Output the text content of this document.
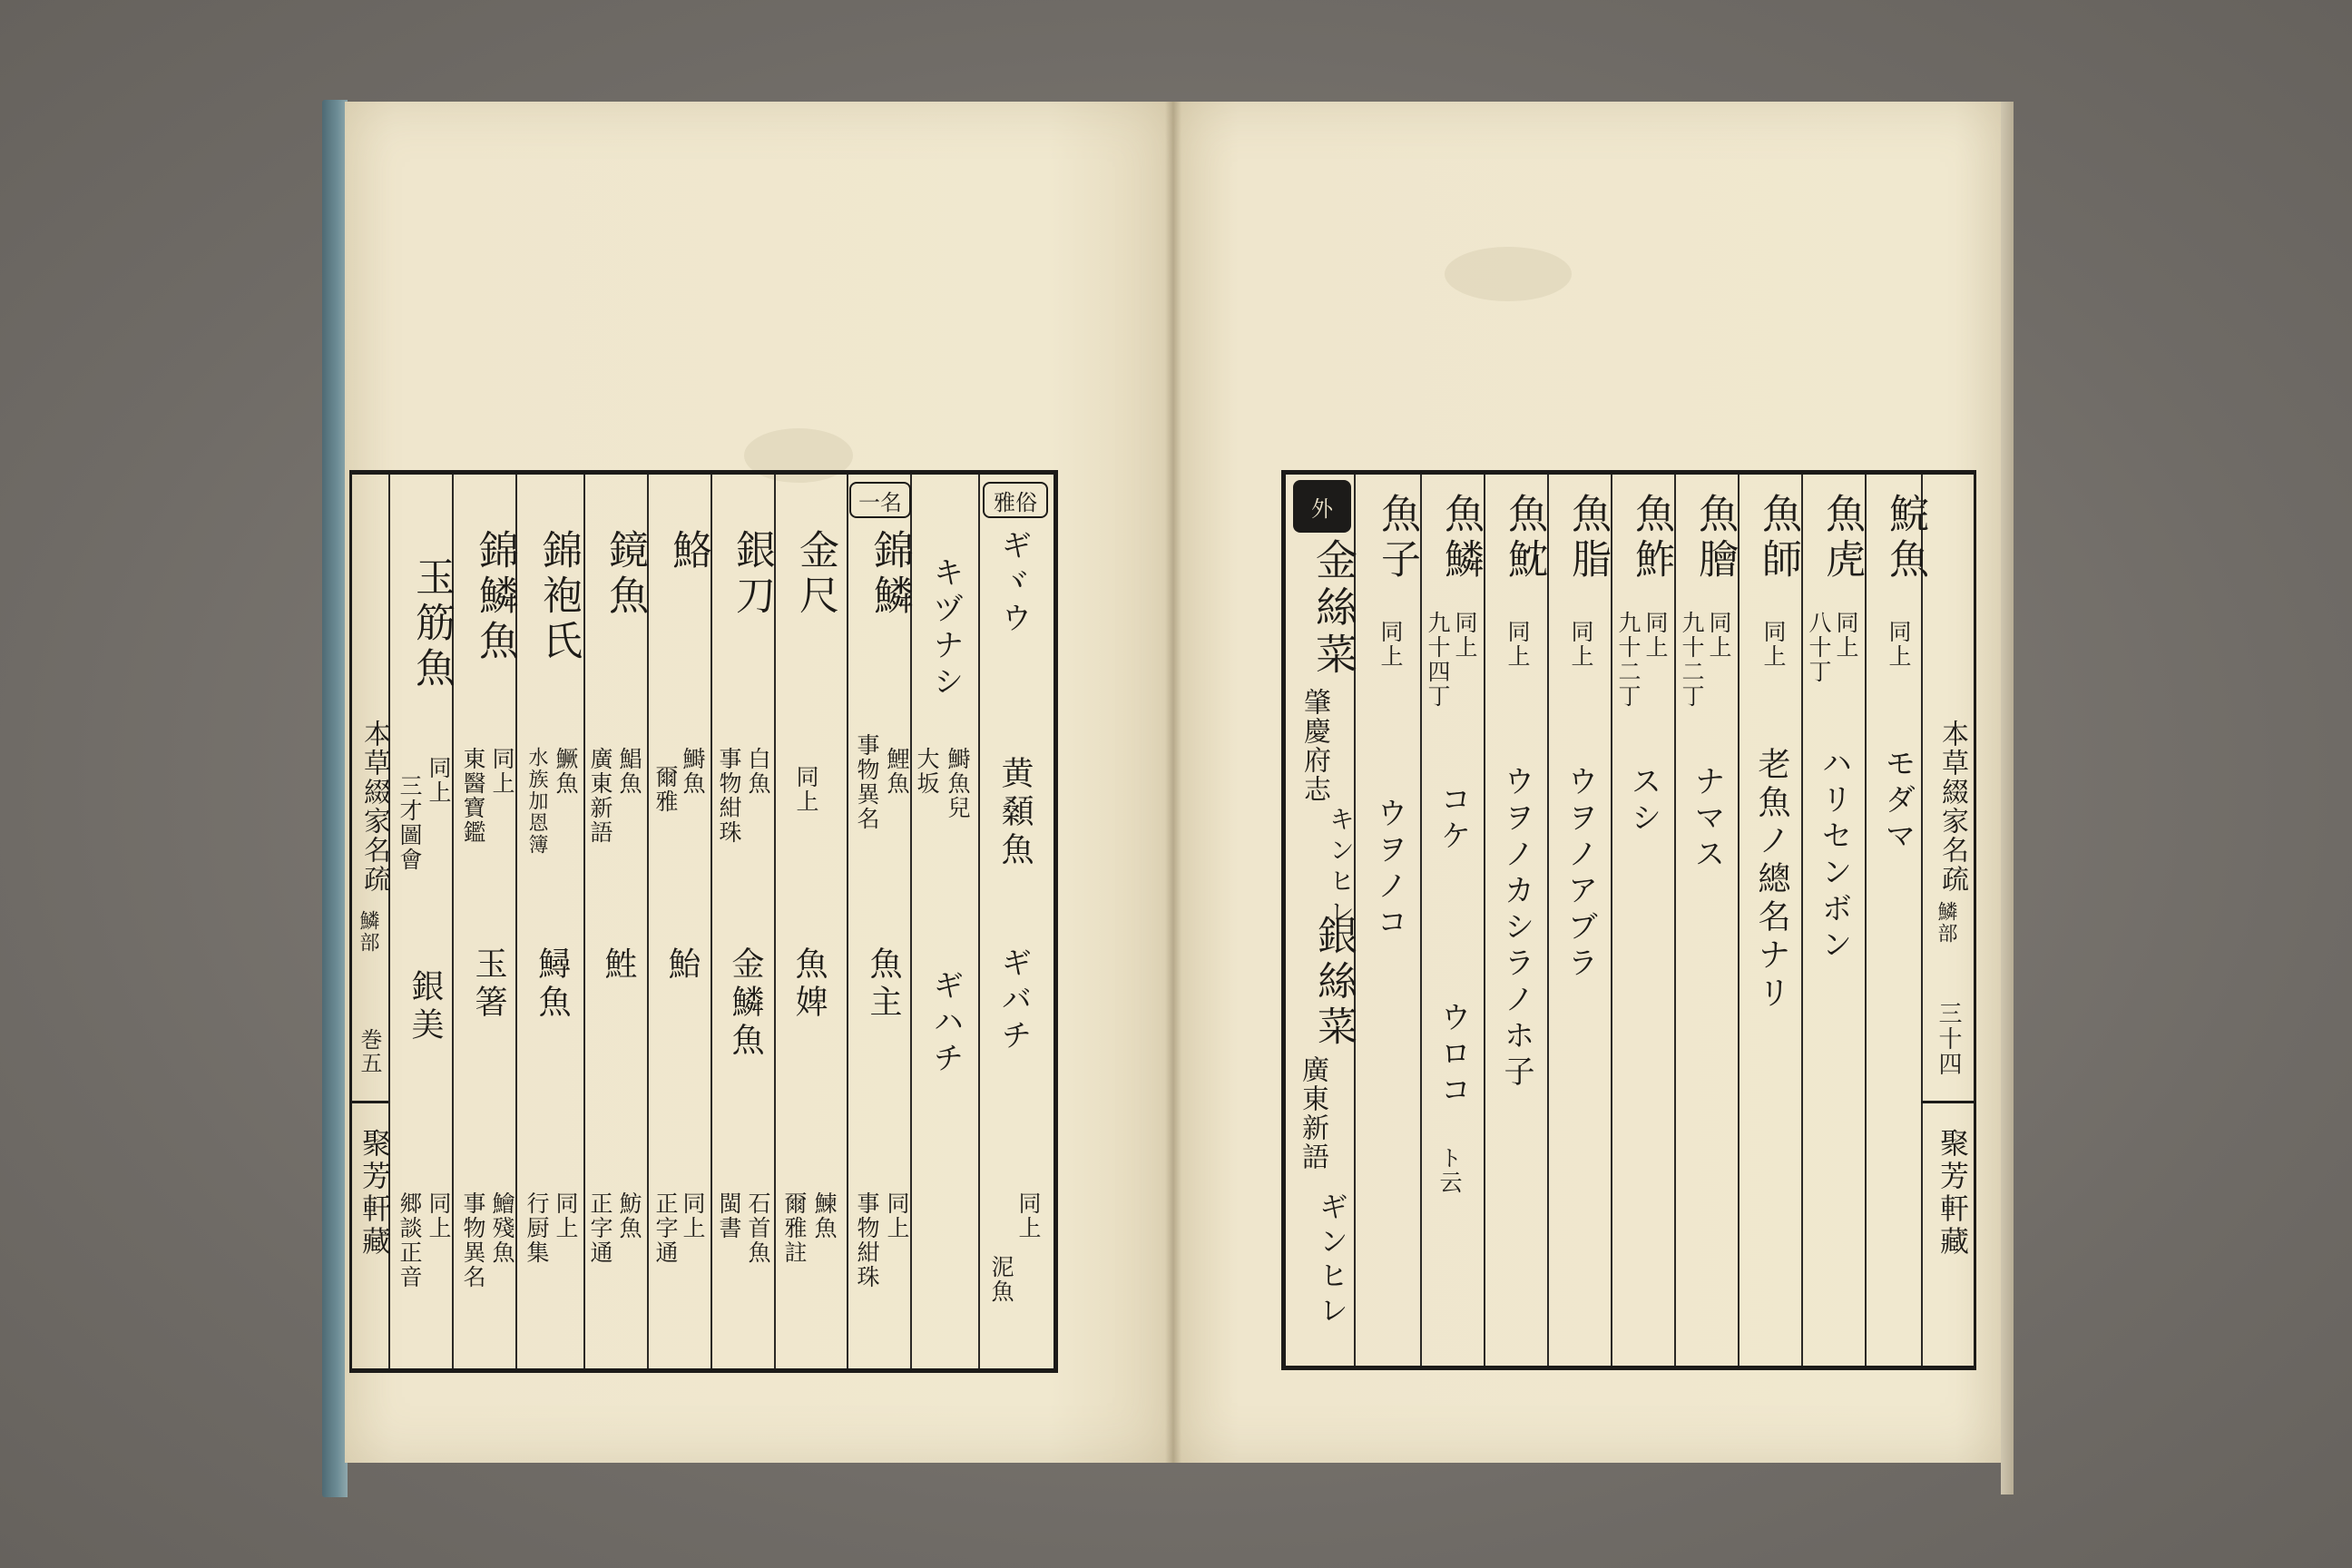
本草綴家名疏
鱗部
巻五
聚芳軒藏
雅俗
一名
ギヾウ
黄顙魚
ギバチ
同上
泥魚
キヅナシ
鰣魚兒
大坂
ギハチ
錦鱗
鯉魚
事物異名
魚主
同上
事物紺珠
金尺
同上
魚婢
鰊魚
爾雅註
銀刀
白魚
事物紺珠
金鱗魚
石首魚
閩書
鮥
鰣魚
爾雅
鮐
同上
正字通
鏡魚
鯧魚
廣東新語
鮏
魴魚
正字通
錦袍氏
鱖魚
水族加恩簿
鱘魚
同上
行厨集
錦鱗魚
同上
東醫寶鑑
玉箸
鱠殘魚
事物異名
玉筋魚
同上
三才圖會
銀美
同上
郷談正音
本草綴家名疏
鱗部
三十四
聚芳軒藏
外	鯇魚
同上
モダマ
魚虎
同上
八十丁
ハリセンボン
魚師
同上
老魚ノ總名ナリ
魚膾
同上
九十二丁
ナマス
魚鮓
同上
九十二丁
スシ
魚脂
同上
ウヲノアブラ
魚魫
同上
ウヲノカシラノホ子
魚鱗
同上
九十四丁
コケ
ウロコ
ト云
魚子
同上
ウヲノコ
金絲菜
肇慶府志
キンヒレ
銀絲菜
廣東新語
ギンヒレ
